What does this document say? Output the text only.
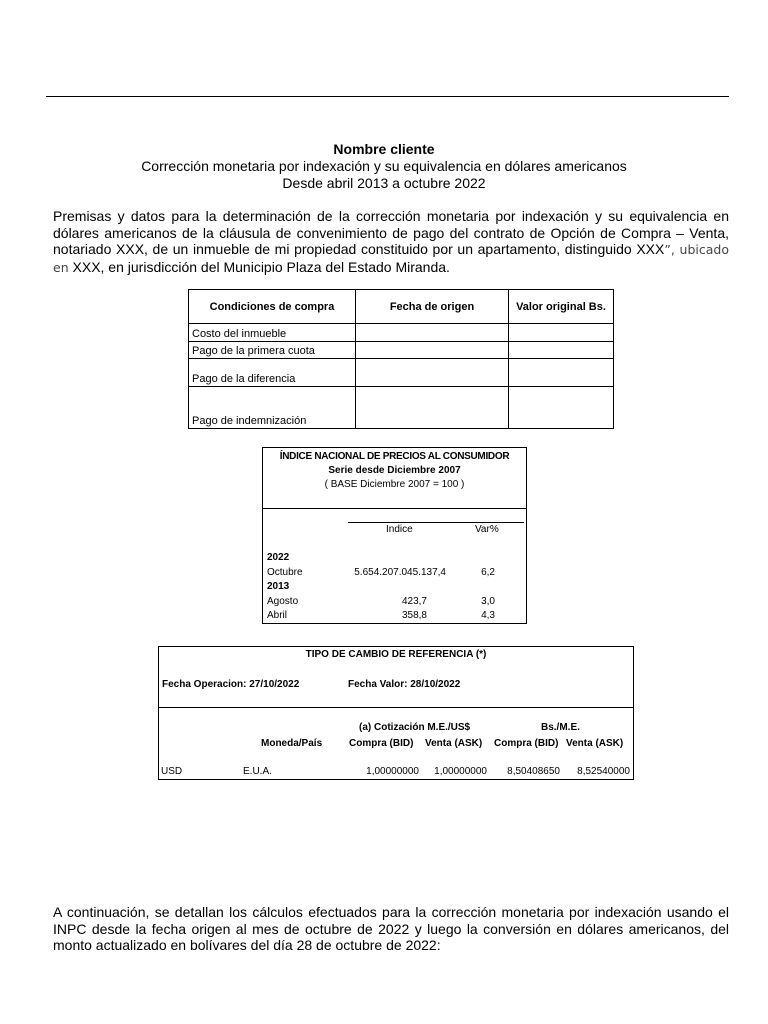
Nombre cliente
Corrección monetaria por indexación y su equivalencia en dólares americanos
Desde abril 2013 a octubre 2022
Premisas y datos para la determinación de la corrección monetaria por indexación y su equivalencia en dólares americanos de la cláusula de convenimiento de pago del contrato de Opción de Compra – Venta, notariado XXX, de un inmueble de mi propiedad constituido por un apartamento, distinguido XXX”, ubicado en XXX, en jurisdicción del Municipio Plaza del Estado Miranda.
Condiciones de compra	Fecha de origen	Valor original Bs.
Costo del inmueble		
Pago de la primera cuota		
Pago de la diferencia		
Pago de indemnización		
ÍNDICE NACIONAL DE PRECIOS AL CONSUMIDOR
Serie desde Diciembre 2007
( BASE Diciembre 2007 = 100 )
Indice	Var%
2022
Octubre	5.654.207.045.137,4	6,2
2013
Agosto	423,7	3,0
Abril	358,8	4,3
TIPO DE CAMBIO DE REFERENCIA (*)
Fecha Operacion: 27/10/2022	Fecha Valor: 28/10/2022
(a) Cotización M.E./US$	Bs./M.E.
Moneda/País	Compra (BID) Venta (ASK) Compra (BID) Venta (ASK)
USD	E.U.A.	1,00000000 1,00000000 8,50408650 8,52540000
A continuación, se detallan los cálculos efectuados para la corrección monetaria por indexación usando el INPC desde la fecha origen al mes de octubre de 2022 y luego la conversión en dólares americanos, del monto actualizado en bolívares del día 28 de octubre de 2022:
